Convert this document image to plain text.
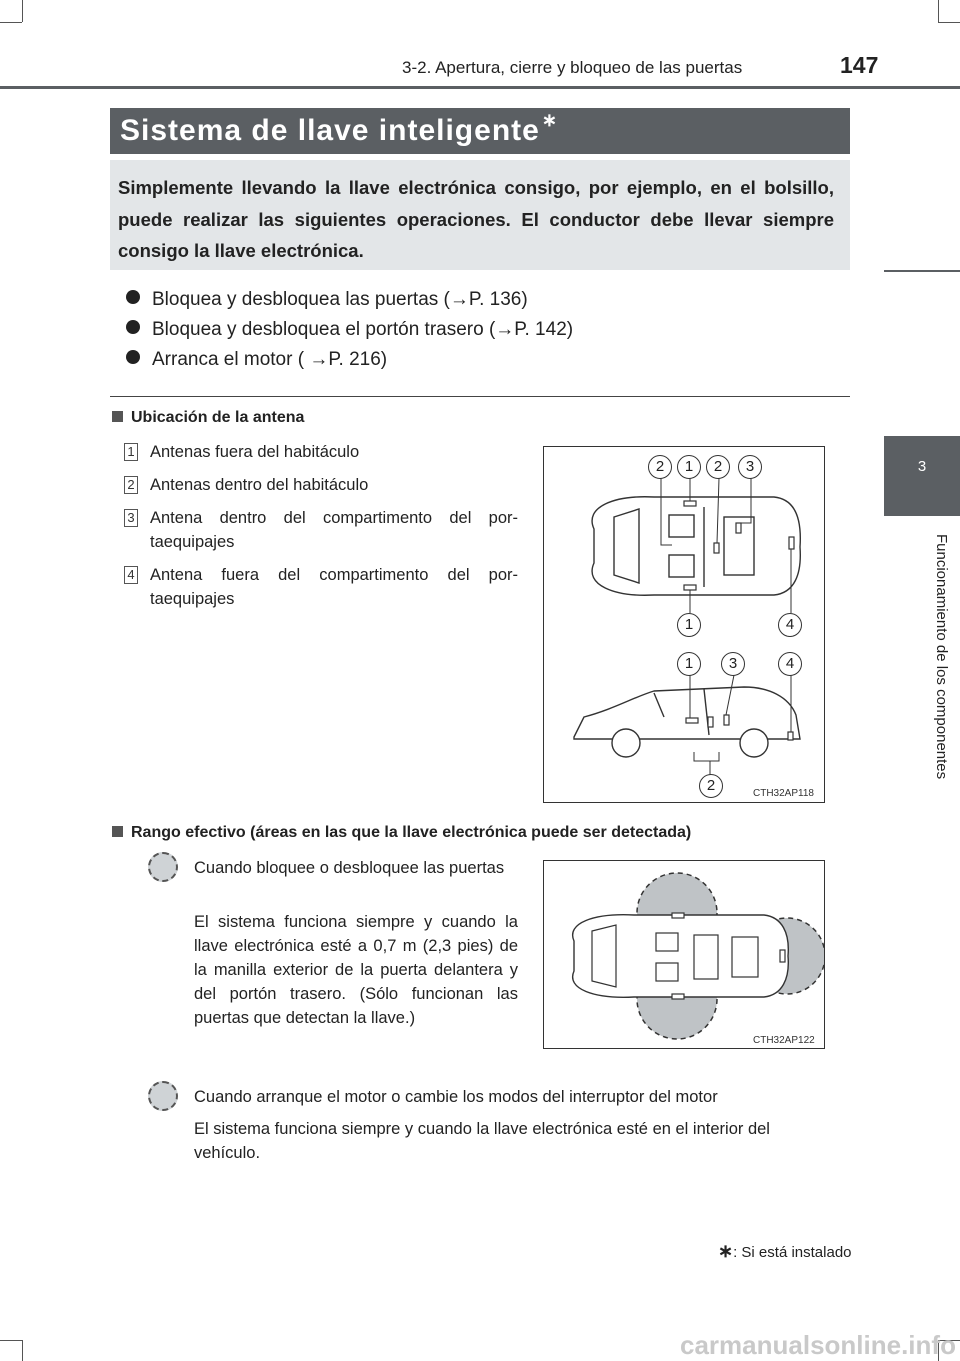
3-2. Apertura, cierre y bloqueo de las puertas	147
3
Funcionamiento de los componentes
Sistema de llave inteligente ∗
Simplemente llevando la llave electrónica consigo, por ejemplo, en el bolsillo, puede realizar las siguientes operaciones. El conductor debe llevar siempre consigo la llave electrónica.
Bloquea y desbloquea las puertas (→P. 136)
Bloquea y desbloquea el portón trasero (→P. 142)
Arranca el motor ( →P. 216)
Ubicación de la antena
1 Antenas fuera del habitáculo
2 Antenas dentro del habitáculo
3 Antena dentro del compartimento del por-
taequipajes
4 Antena fuera del compartimento del por-
taequipajes
2	1	2	3
1	4
1	3	4
2	CTH32AP118
Rango efectivo (áreas en las que la llave electrónica puede ser detectada)
Cuando bloquee o desbloquee las puertas
El sistema funciona siempre y cuando la llave electrónica esté a 0,7 m (2,3 pies) de la manilla exterior de la puerta delantera y del portón trasero. (Sólo funcionan las puertas que detectan la llave.)
CTH32AP122
Cuando arranque el motor o cambie los modos del interruptor del motor
El sistema funciona siempre y cuando la llave electrónica esté en el interior del vehículo.
∗: Si está instalado
carmanualsonline.info
